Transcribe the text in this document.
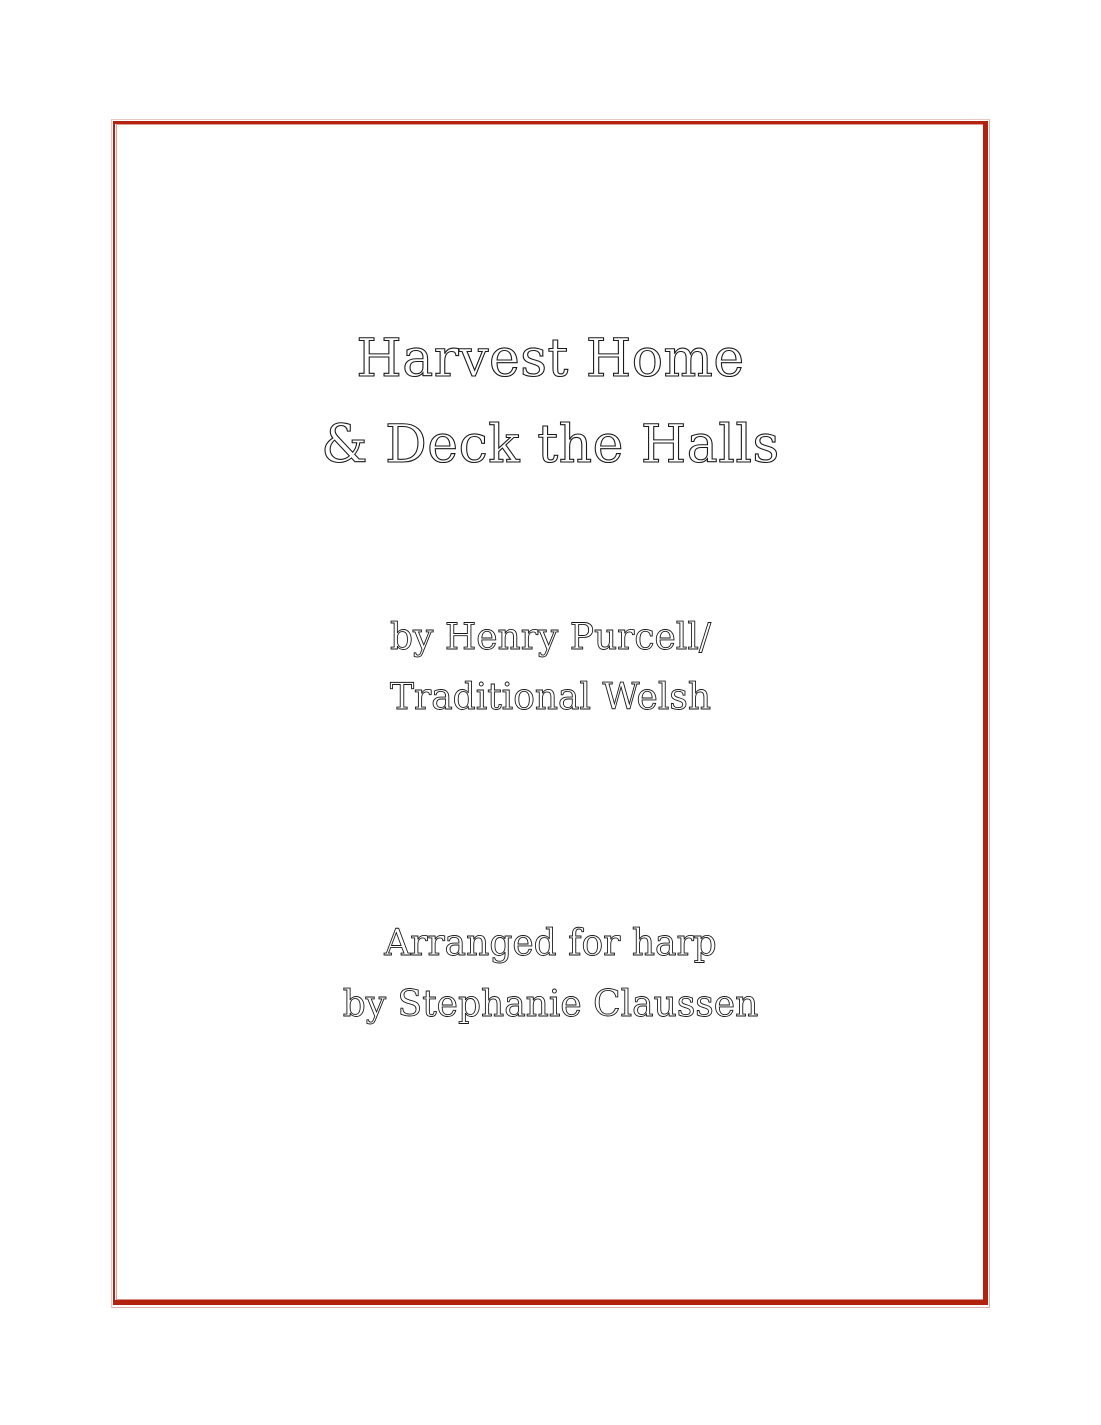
Harvest Home
& Deck the Halls
by Henry Purcell/
Traditional Welsh
Arranged for harp
by Stephanie Claussen
